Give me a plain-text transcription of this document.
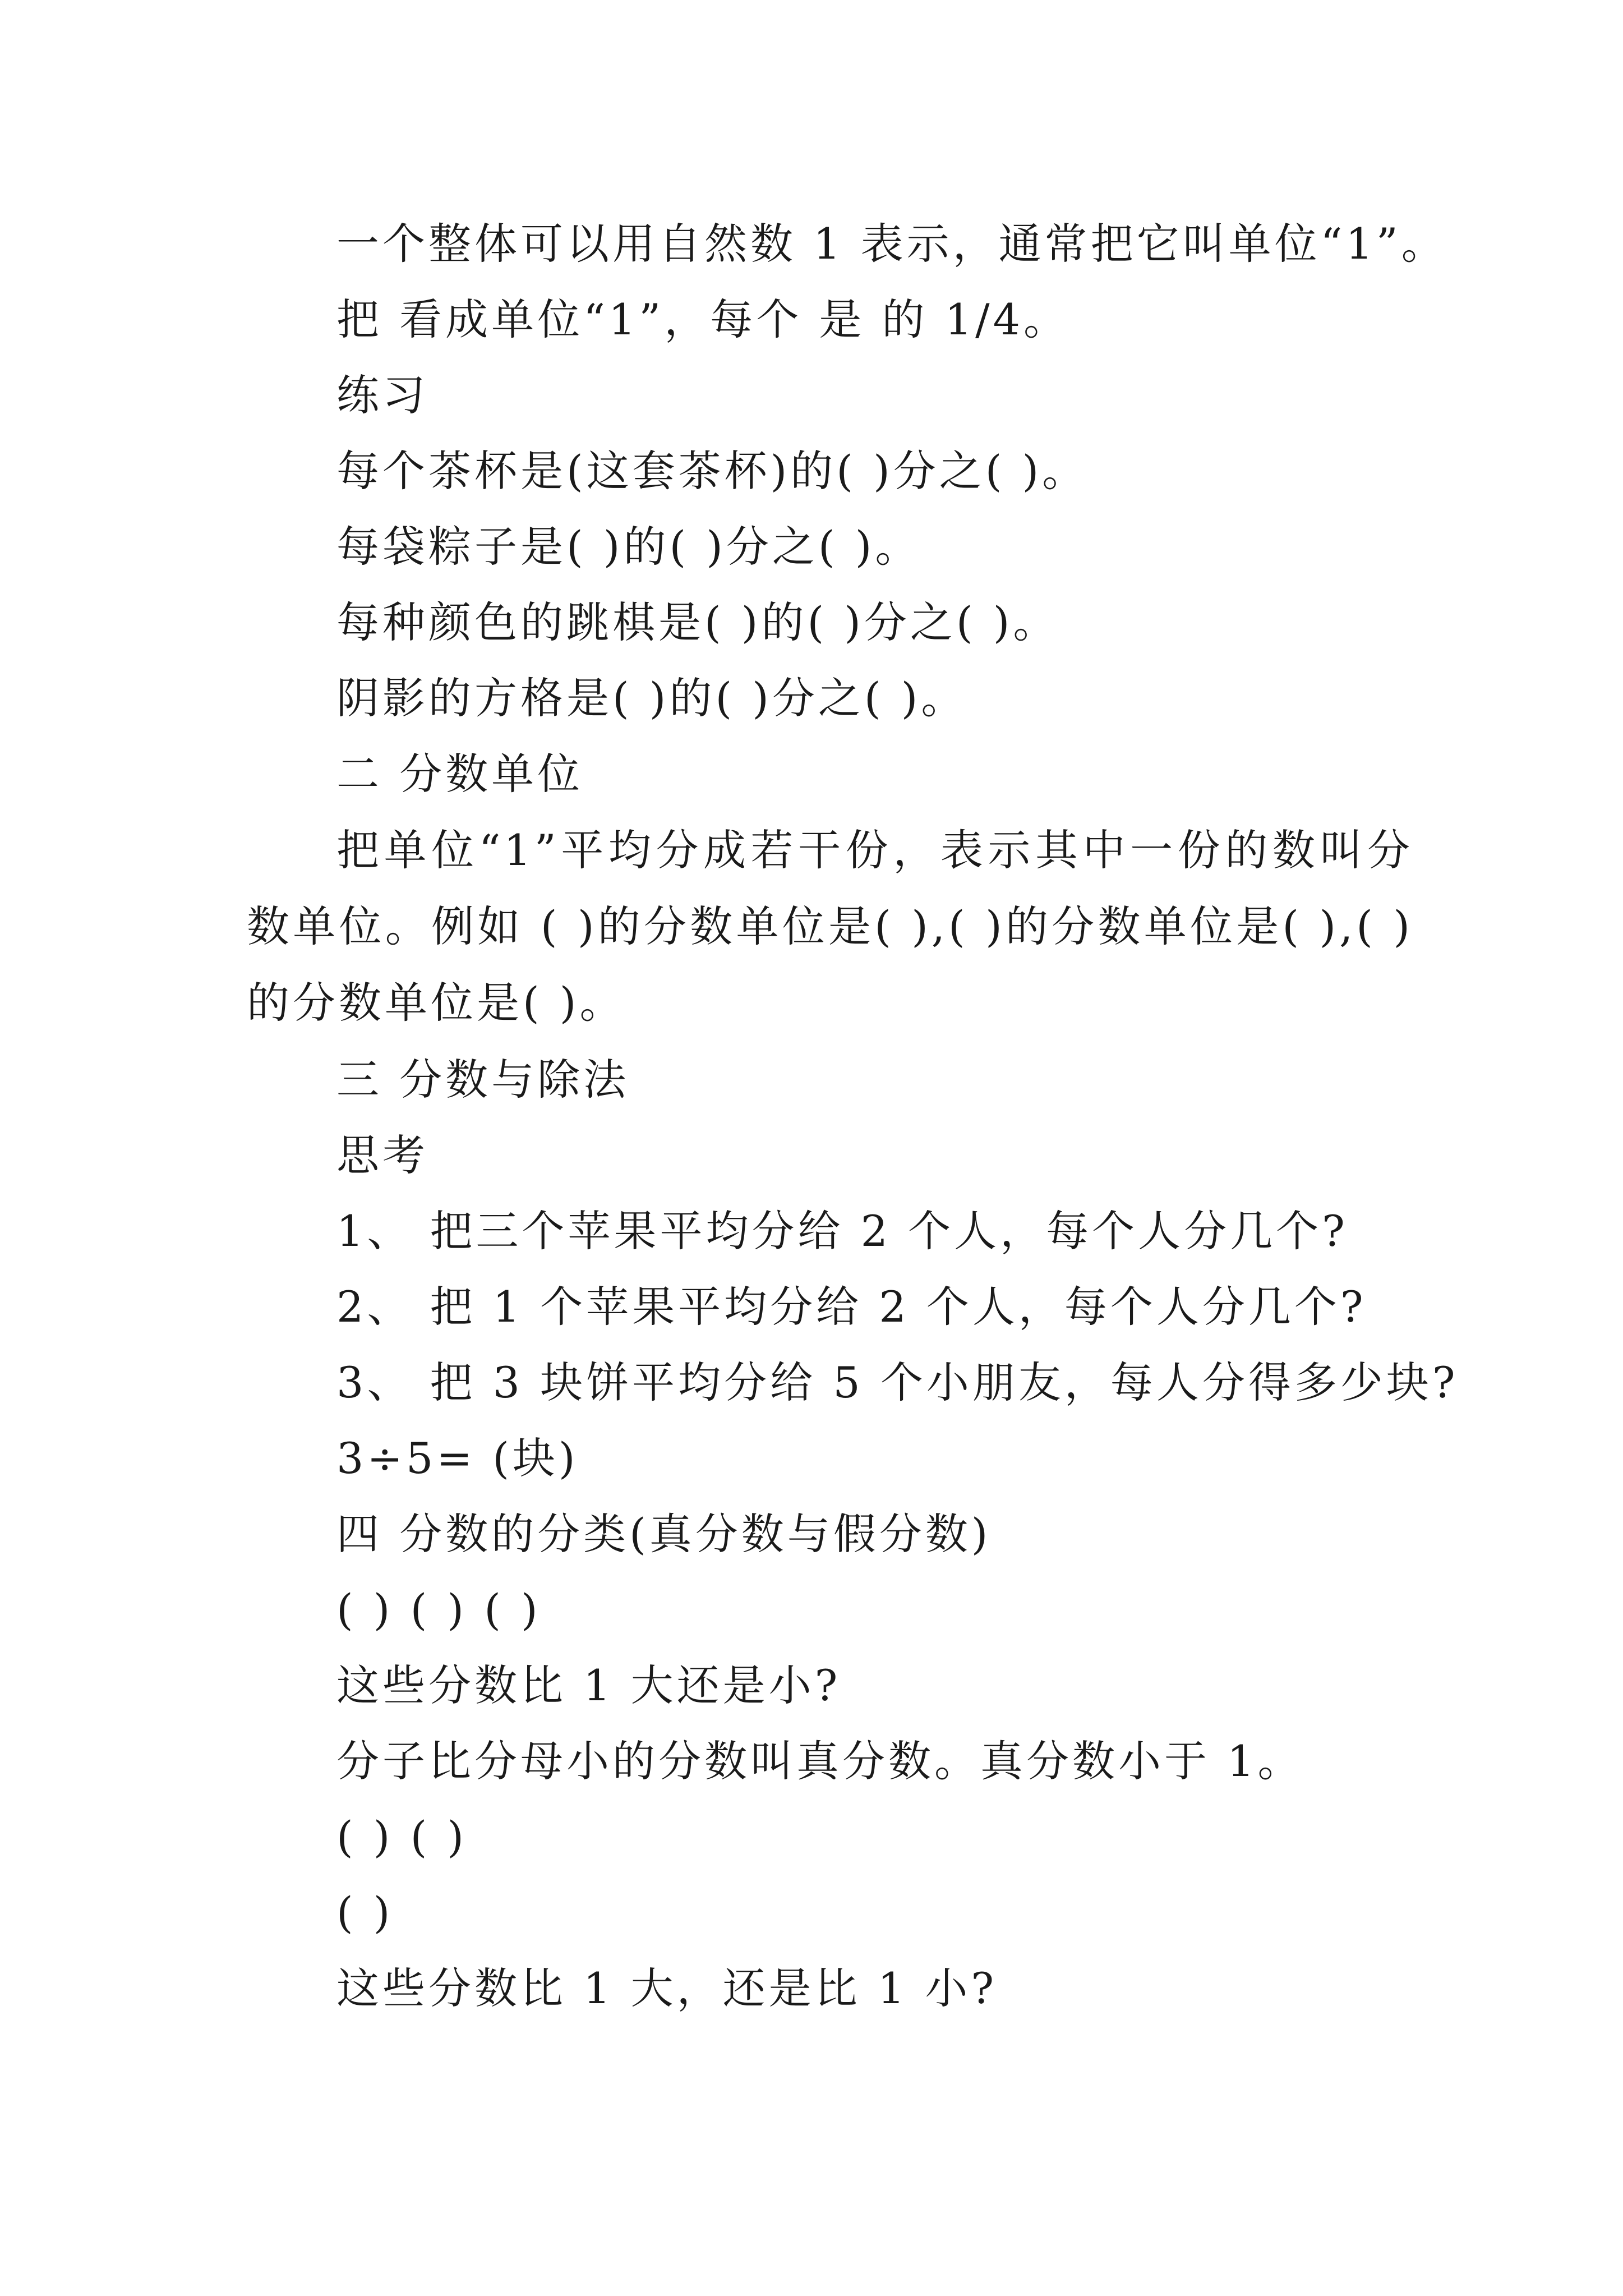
一个整体可以用自然数 1 表示，通常把它叫单位“1”。
把 看成单位“1”，每个 是 的 1/4。
练习
每个茶杯是(这套茶杯)的( )分之( )。
每袋粽子是( )的( )分之( )。
每种颜色的跳棋是( )的( )分之( )。
阴影的方格是( )的( )分之( )。
二 分数单位
把单位“1”平均分成若干份，表示其中一份的数叫分数单位。例如 ( )的分数单位是( ),( )的分数单位是( ),( )的分数单位是( )。
三 分数与除法
思考
1、 把三个苹果平均分给 2 个人，每个人分几个?
2、 把 1 个苹果平均分给 2 个人，每个人分几个?
3、 把 3 块饼平均分给 5 个小朋友，每人分得多少块?
3÷5= (块)
四 分数的分类(真分数与假分数)
( ) ( ) ( )
这些分数比 1 大还是小?
分子比分母小的分数叫真分数。真分数小于 1。
( ) ( )
( )
这些分数比 1 大，还是比 1 小?
